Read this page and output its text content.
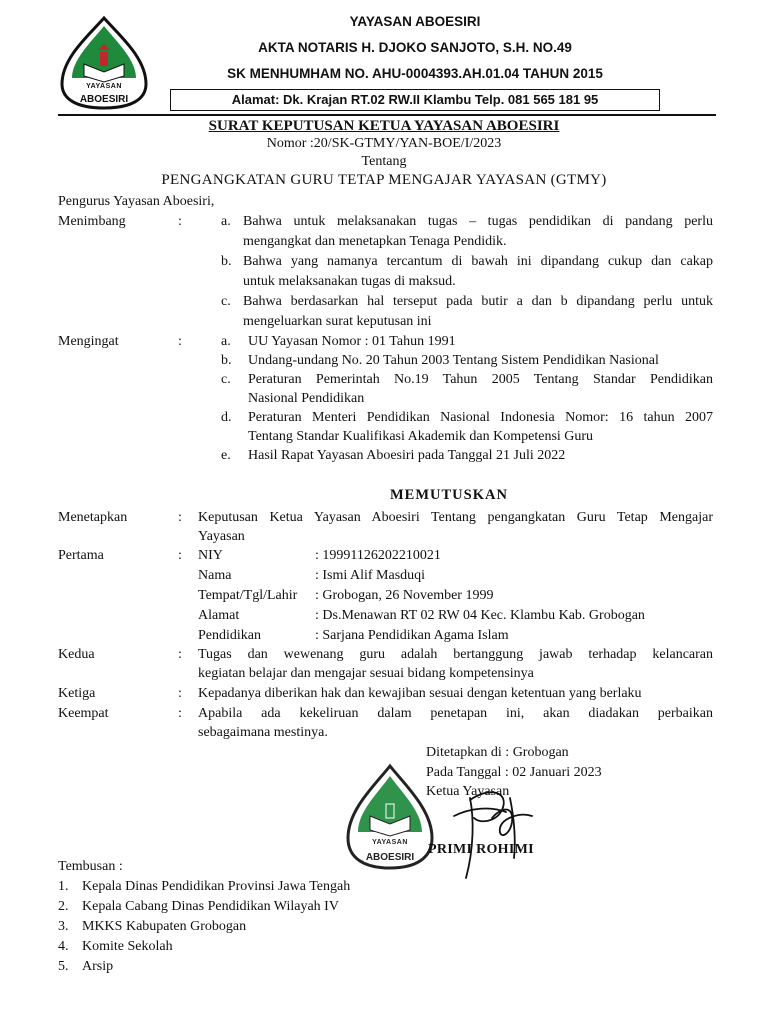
YAYASAN
ABOESIRI
YAYASAN ABOESIRI
AKTA NOTARIS H. DJOKO SANJOTO, S.H. NO.49
SK MENHUMHAM NO. AHU-0004393.AH.01.04 TAHUN 2015
Alamat: Dk. Krajan RT.02 RW.II Klambu Telp. 081 565 181 95
SURAT KEPUTUSAN KETUA YAYASAN ABOESIRI
Nomor :20/SK-GTMY/YAN-BOE/I/2023
Tentang
PENGANGKATAN GURU TETAP MENGAJAR YAYASAN (GTMY)
Pengurus Yayasan Aboesiri,
Menimbang	:	a. Bahwa untuk melaksanakan tugas – tugas pendidikan di pandang perlu
mengangkat dan menetapkan Tenaga Pendidik.
b. Bahwa yang namanya tercantum di bawah ini dipandang cukup dan cakap
untuk melaksanakan tugas di maksud.
c. Bahwa berdasarkan hal terseput pada butir a dan b dipandang perlu untuk
mengeluarkan surat keputusan ini
Mengingat	:	a. UU Yayasan Nomor : 01 Tahun 1991
b. Undang-undang No. 20 Tahun 2003 Tentang Sistem Pendidikan Nasional
c. Peraturan Pemerintah No.19 Tahun 2005 Tentang Standar Pendidikan
Nasional Pendidikan
d. Peraturan Menteri Pendidikan Nasional Indonesia Nomor: 16 tahun 2007
Tentang Standar Kualifikasi Akademik dan Kompetensi Guru
e. Hasil Rapat Yayasan Aboesiri pada Tanggal 21 Juli 2022
MEMUTUSKAN
Menetapkan	: Keputusan Ketua Yayasan Aboesiri Tentang pengangkatan Guru Tetap Mengajar
Yayasan
Pertama	: NIY	: 19991126202210021
Nama	: Ismi Alif Masduqi
Tempat/Tgl/Lahir : Grobogan, 26 November 1999
Alamat	: Ds.Menawan RT 02 RW 04 Kec. Klambu Kab. Grobogan
Pendidikan	: Sarjana Pendidikan Agama Islam
Kedua	: Tugas dan wewenang guru adalah bertanggung jawab terhadap kelancaran
kegiatan belajar dan mengajar sesuai bidang kompetensinya
Ketiga	: Kepadanya diberikan hak dan kewajiban sesuai dengan ketentuan yang berlaku
Keempat	: Apabila ada kekeliruan dalam penetapan ini, akan diadakan perbaikan
sebagaimana mestinya.
Ditetapkan di : Grobogan
Pada Tanggal : 02 Januari 2023
Ketua Yayasan
YAYASAN
ABOESIRI
PRIMI ROHIMI
Tembusan :
1. Kepala Dinas Pendidikan Provinsi Jawa Tengah
2. Kepala Cabang Dinas Pendidikan Wilayah IV
3. MKKS Kabupaten Grobogan
4. Komite Sekolah
5. Arsip
